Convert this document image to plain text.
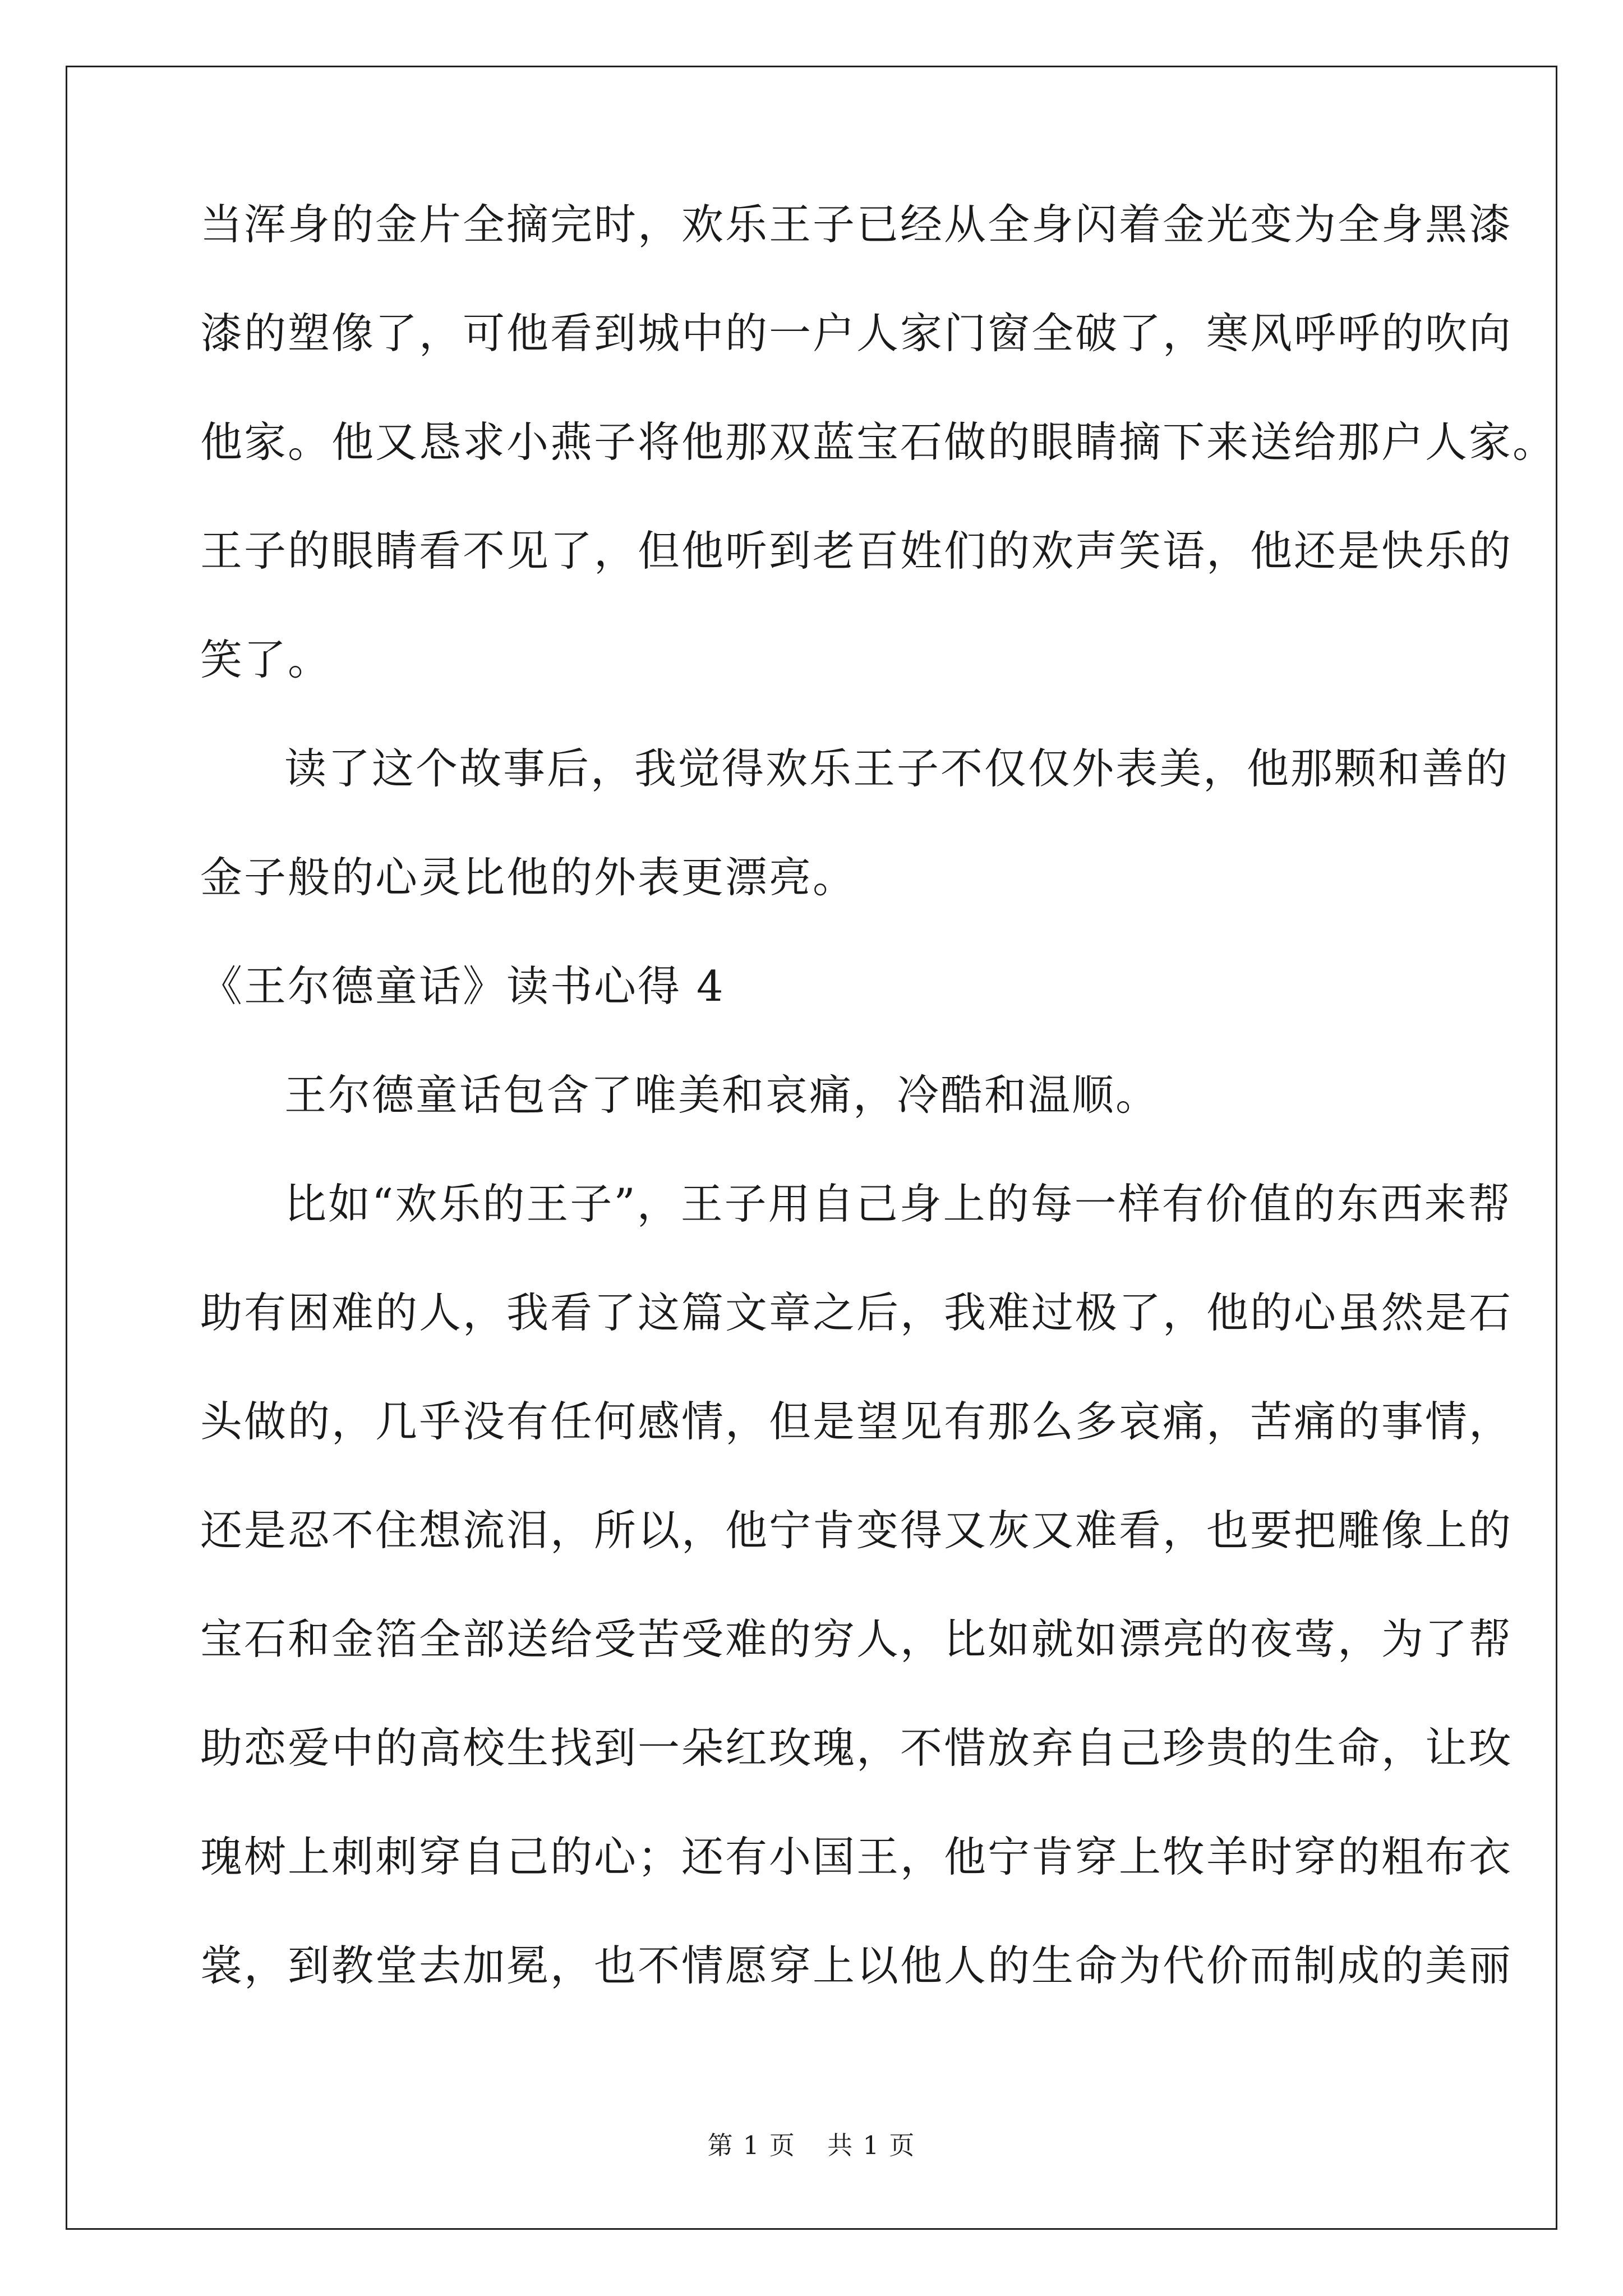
当浑身的金片全摘完时，欢乐王子已经从全身闪着金光变为全身黑漆
漆的塑像了，可他看到城中的一户人家门窗全破了，寒风呼呼的吹向
他家。他又恳求小燕子将他那双蓝宝石做的眼睛摘下来送给那户人家。
王子的眼睛看不见了，但他听到老百姓们的欢声笑语，他还是快乐的
笑了。
读了这个故事后，我觉得欢乐王子不仅仅外表美，他那颗和善的
金子般的心灵比他的外表更漂亮。
《王尔德童话》读书心得 4
王尔德童话包含了唯美和哀痛，冷酷和温顺。
比如“欢乐的王子”，王子用自己身上的每一样有价值的东西来帮
助有困难的人，我看了这篇文章之后，我难过极了，他的心虽然是石
头做的，几乎没有任何感情，但是望见有那么多哀痛，苦痛的事情，
还是忍不住想流泪，所以，他宁肯变得又灰又难看，也要把雕像上的
宝石和金箔全部送给受苦受难的穷人，比如就如漂亮的夜莺，为了帮
助恋爱中的高校生找到一朵红玫瑰，不惜放弃自己珍贵的生命，让玫
瑰树上刺刺穿自己的心；还有小国王，他宁肯穿上牧羊时穿的粗布衣
裳，到教堂去加冕，也不情愿穿上以他人的生命为代价而制成的美丽
第 1 页 共 1 页
